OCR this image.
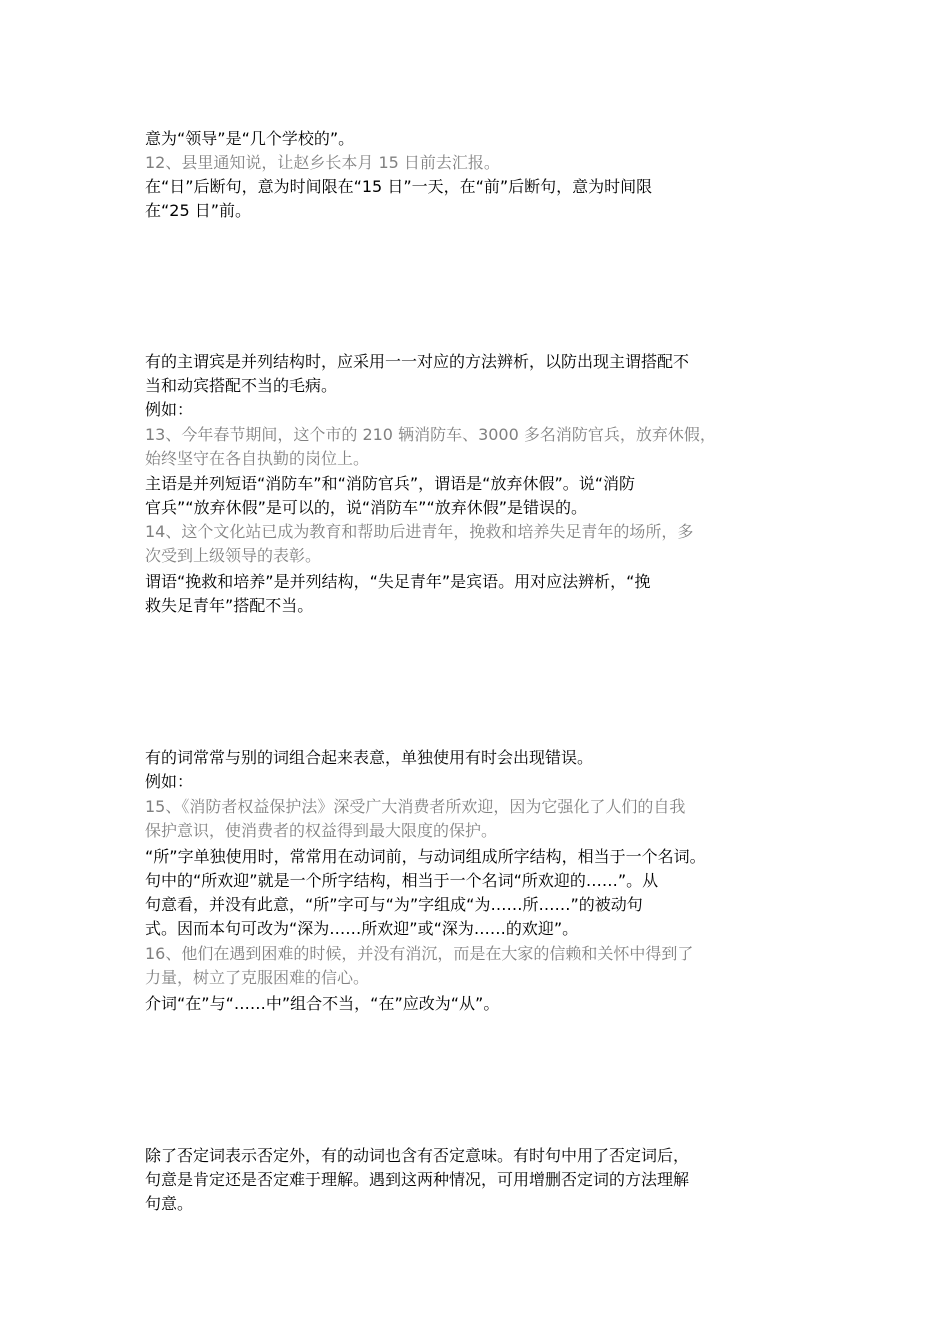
意为“领导”是“几个学校的”。
12、县里通知说，让赵乡长本月 15 日前去汇报。
在“日”后断句，意为时间限在“15 日”一天，在“前”后断句，意为时间限
在“25 日”前。
有的主谓宾是并列结构时，应采用一一对应的方法辨析，以防出现主谓搭配不
当和动宾搭配不当的毛病。
例如：
13、今年春节期间，这个市的 210 辆消防车、3000 多名消防官兵，放弃休假，
始终坚守在各自执勤的岗位上。
主语是并列短语“消防车”和“消防官兵”，谓语是“放弃休假”。说“消防
官兵”“放弃休假”是可以的，说“消防车”“放弃休假”是错误的。
14、这个文化站已成为教育和帮助后进青年，挽救和培养失足青年的场所，多
次受到上级领导的表彰。
谓语“挽救和培养”是并列结构，“失足青年”是宾语。用对应法辨析，“挽
救失足青年”搭配不当。
有的词常常与别的词组合起来表意，单独使用有时会出现错误。
例如：
15、《消防者权益保护法》深受广大消费者所欢迎，因为它强化了人们的自我
保护意识，使消费者的权益得到最大限度的保护。
“所”字单独使用时，常常用在动词前，与动词组成所字结构，相当于一个名词。
句中的“所欢迎”就是一个所字结构，相当于一个名词“所欢迎的……”。从
句意看，并没有此意，“所”字可与“为”字组成“为……所……”的被动句
式。因而本句可改为“深为……所欢迎”或“深为……的欢迎”。
16、他们在遇到困难的时候，并没有消沉，而是在大家的信赖和关怀中得到了
力量，树立了克服困难的信心。
介词“在”与“……中”组合不当，“在”应改为“从”。
除了否定词表示否定外，有的动词也含有否定意味。有时句中用了否定词后，
句意是肯定还是否定难于理解。遇到这两种情况，可用增删否定词的方法理解
句意。
